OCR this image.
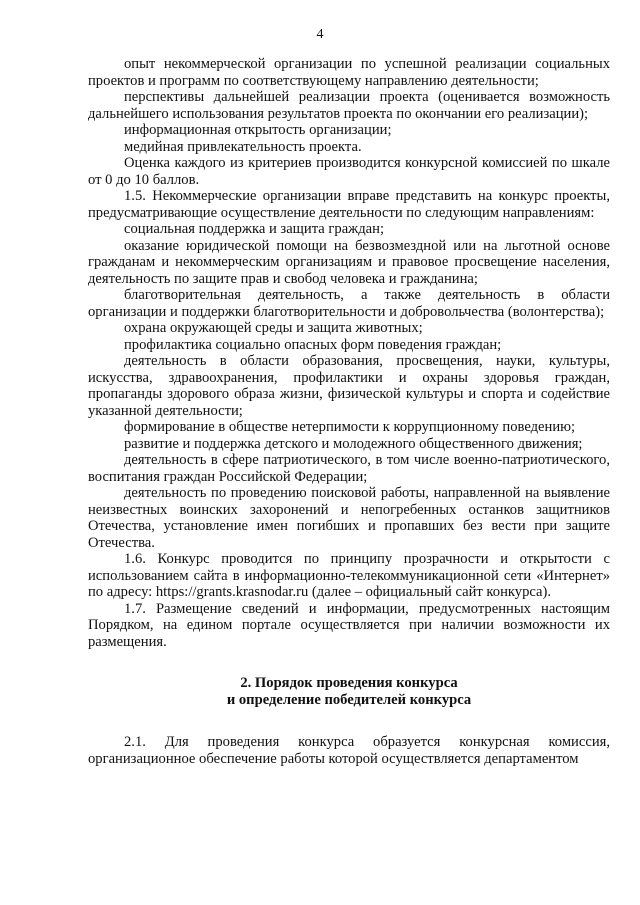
4

опыт некоммерческой организации по успешной реализации социальных проектов и программ по соответствующему направлению деятельности;

перспективы дальнейшей реализации проекта (оценивается возможность дальнейшего использования результатов проекта по окончании его реализации);

информационная открытость организации;

медийная привлекательность проекта.

Оценка каждого из критериев производится конкурсной комиссией по шкале от 0 до 10 баллов.

1.5. Некоммерческие организации вправе представить на конкурс проекты, предусматривающие осуществление деятельности по следующим направлениям:

социальная поддержка и защита граждан;

оказание юридической помощи на безвозмездной или на льготной основе гражданам и некоммерческим организациям и правовое просвещение населения, деятельность по защите прав и свобод человека и гражданина;

благотворительная деятельность, а также деятельность в области организации и поддержки благотворительности и добровольчества (волонтерства);

охрана окружающей среды и защита животных;

профилактика социально опасных форм поведения граждан;

деятельность в области образования, просвещения, науки, культуры, искусства, здравоохранения, профилактики и охраны здоровья граждан, пропаганды здорового образа жизни, физической культуры и спорта и содействие указанной деятельности;

формирование в обществе нетерпимости к коррупционному поведению;

развитие и поддержка детского и молодежного общественного движения;

деятельность в сфере патриотического, в том числе военно-патриотического, воспитания граждан Российской Федерации;

деятельность по проведению поисковой работы, направленной на выявление неизвестных воинских захоронений и непогребенных останков защитников Отечества, установление имен погибших и пропавших без вести при защите Отечества.

1.6. Конкурс проводится по принципу прозрачности и открытости с использованием сайта в информационно-телекоммуникационной сети «Интернет» по адресу: https://grants.krasnodar.ru (далее – официальный сайт конкурса).

1.7. Размещение сведений и информации, предусмотренных настоящим Порядком, на едином портале осуществляется при наличии возможности их размещения.

2. Порядок проведения конкурса

и определение победителей конкурса

2.1. Для проведения конкурса образуется конкурсная комиссия, организационное обеспечение работы которой осуществляется департаментом
